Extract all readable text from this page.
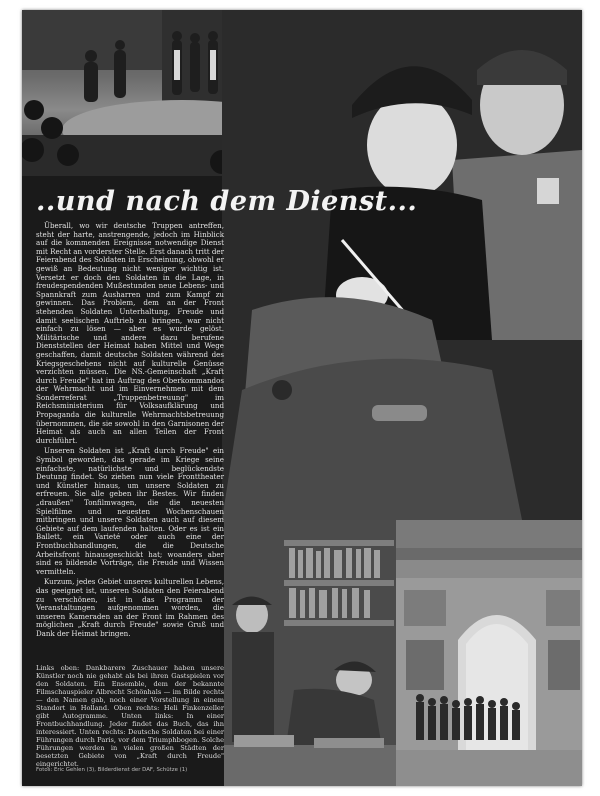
..und nach dem Dienst...

Überall, wo wir deutsche Truppen antreffen, steht der harte, anstrengende, jedoch im Hinblick auf die kommenden Ereignisse notwendige Dienst mit Recht an vorderster Stelle. Erst danach tritt der Feierabend des Soldaten in Erscheinung, obwohl er gewiß an Bedeutung nicht weniger wichtig ist. Versetzt er doch den Soldaten in die Lage, in freudespendenden Mußestunden neue Lebens- und Spannkraft zum Ausharren und zum Kampf zu gewinnen. Das Problem, dem an der Front stehenden Soldaten Unterhaltung, Freude und damit seelischen Auftrieb zu bringen, war nicht einfach zu lösen — aber es wurde gelöst. Militärische und andere dazu berufene Dienststellen der Heimat haben Mittel und Wege geschaffen, damit deutsche Soldaten während des Kriegsgeschehens nicht auf kulturelle Genüsse verzichten müssen. Die NS.-Gemeinschaft „Kraft durch Freude" hat im Auftrag des Oberkommandos der Wehrmacht und im Einvernehmen mit dem Sonderreferat „Truppenbetreuung" im Reichsministerium für Volksaufklärung und Propaganda die kulturelle Wehrmachtsbetreuung übernommen, die sie sowohl in den Garnisonen der Heimat als auch an allen Teilen der Front durchführt.

Unseren Soldaten ist „Kraft durch Freude" ein Symbol geworden, das gerade im Kriege seine einfachste, natürlichste und beglückendste Deutung findet. So ziehen nun viele Fronttheater und Künstler hinaus, um unsere Soldaten zu erfreuen. Sie alle geben ihr Bestes. Wir finden „draußen" Tonfilmwagen, die die neuesten Spielfilme und neuesten Wochenschauen mitbringen und unsere Soldaten auch auf diesem Gebiete auf dem laufenden halten. Oder es ist ein Ballett, ein Varieté oder auch eine der Frontbuchhandlungen, die die Deutsche Arbeitsfront hinausgeschickt hat; woanders aber sind es bildende Vorträge, die Freude und Wissen vermitteln.

Kurzum, jedes Gebiet unseres kulturellen Lebens, das geeignet ist, unseren Soldaten den Feierabend zu verschönen, ist in das Programm der Veranstaltungen aufgenommen worden, die unseren Kameraden an der Front im Rahmen des möglichen „Kraft durch Freude" sowie Gruß und Dank der Heimat bringen.

Links oben: Dankbarere Zuschauer haben unsere Künstler noch nie gehabt als bei ihren Gastspielen vor den Soldaten. Ein Ensemble, dem der bekannte Filmschauspieler Albrecht Schönhals — im Bilde rechts — den Namen gab, noch einer Vorstellung in einem Standort in Holland. Oben rechts: Heli Finkenzeller gibt Autogramme. Unten links: In einer Frontbuchhandlung. Jeder findet das Buch, das ihn interessiert. Unten rechts: Deutsche Soldaten bei einer Führungen durch Paris, vor dem Triumphbogen. Solche Führungen werden in vielen großen Städten der besetzten Gebiete von „Kraft durch Freude" eingerichtet.

Fotos: Eric Gehlen (3), Bilderdienst der DAF, Schütze (1)
